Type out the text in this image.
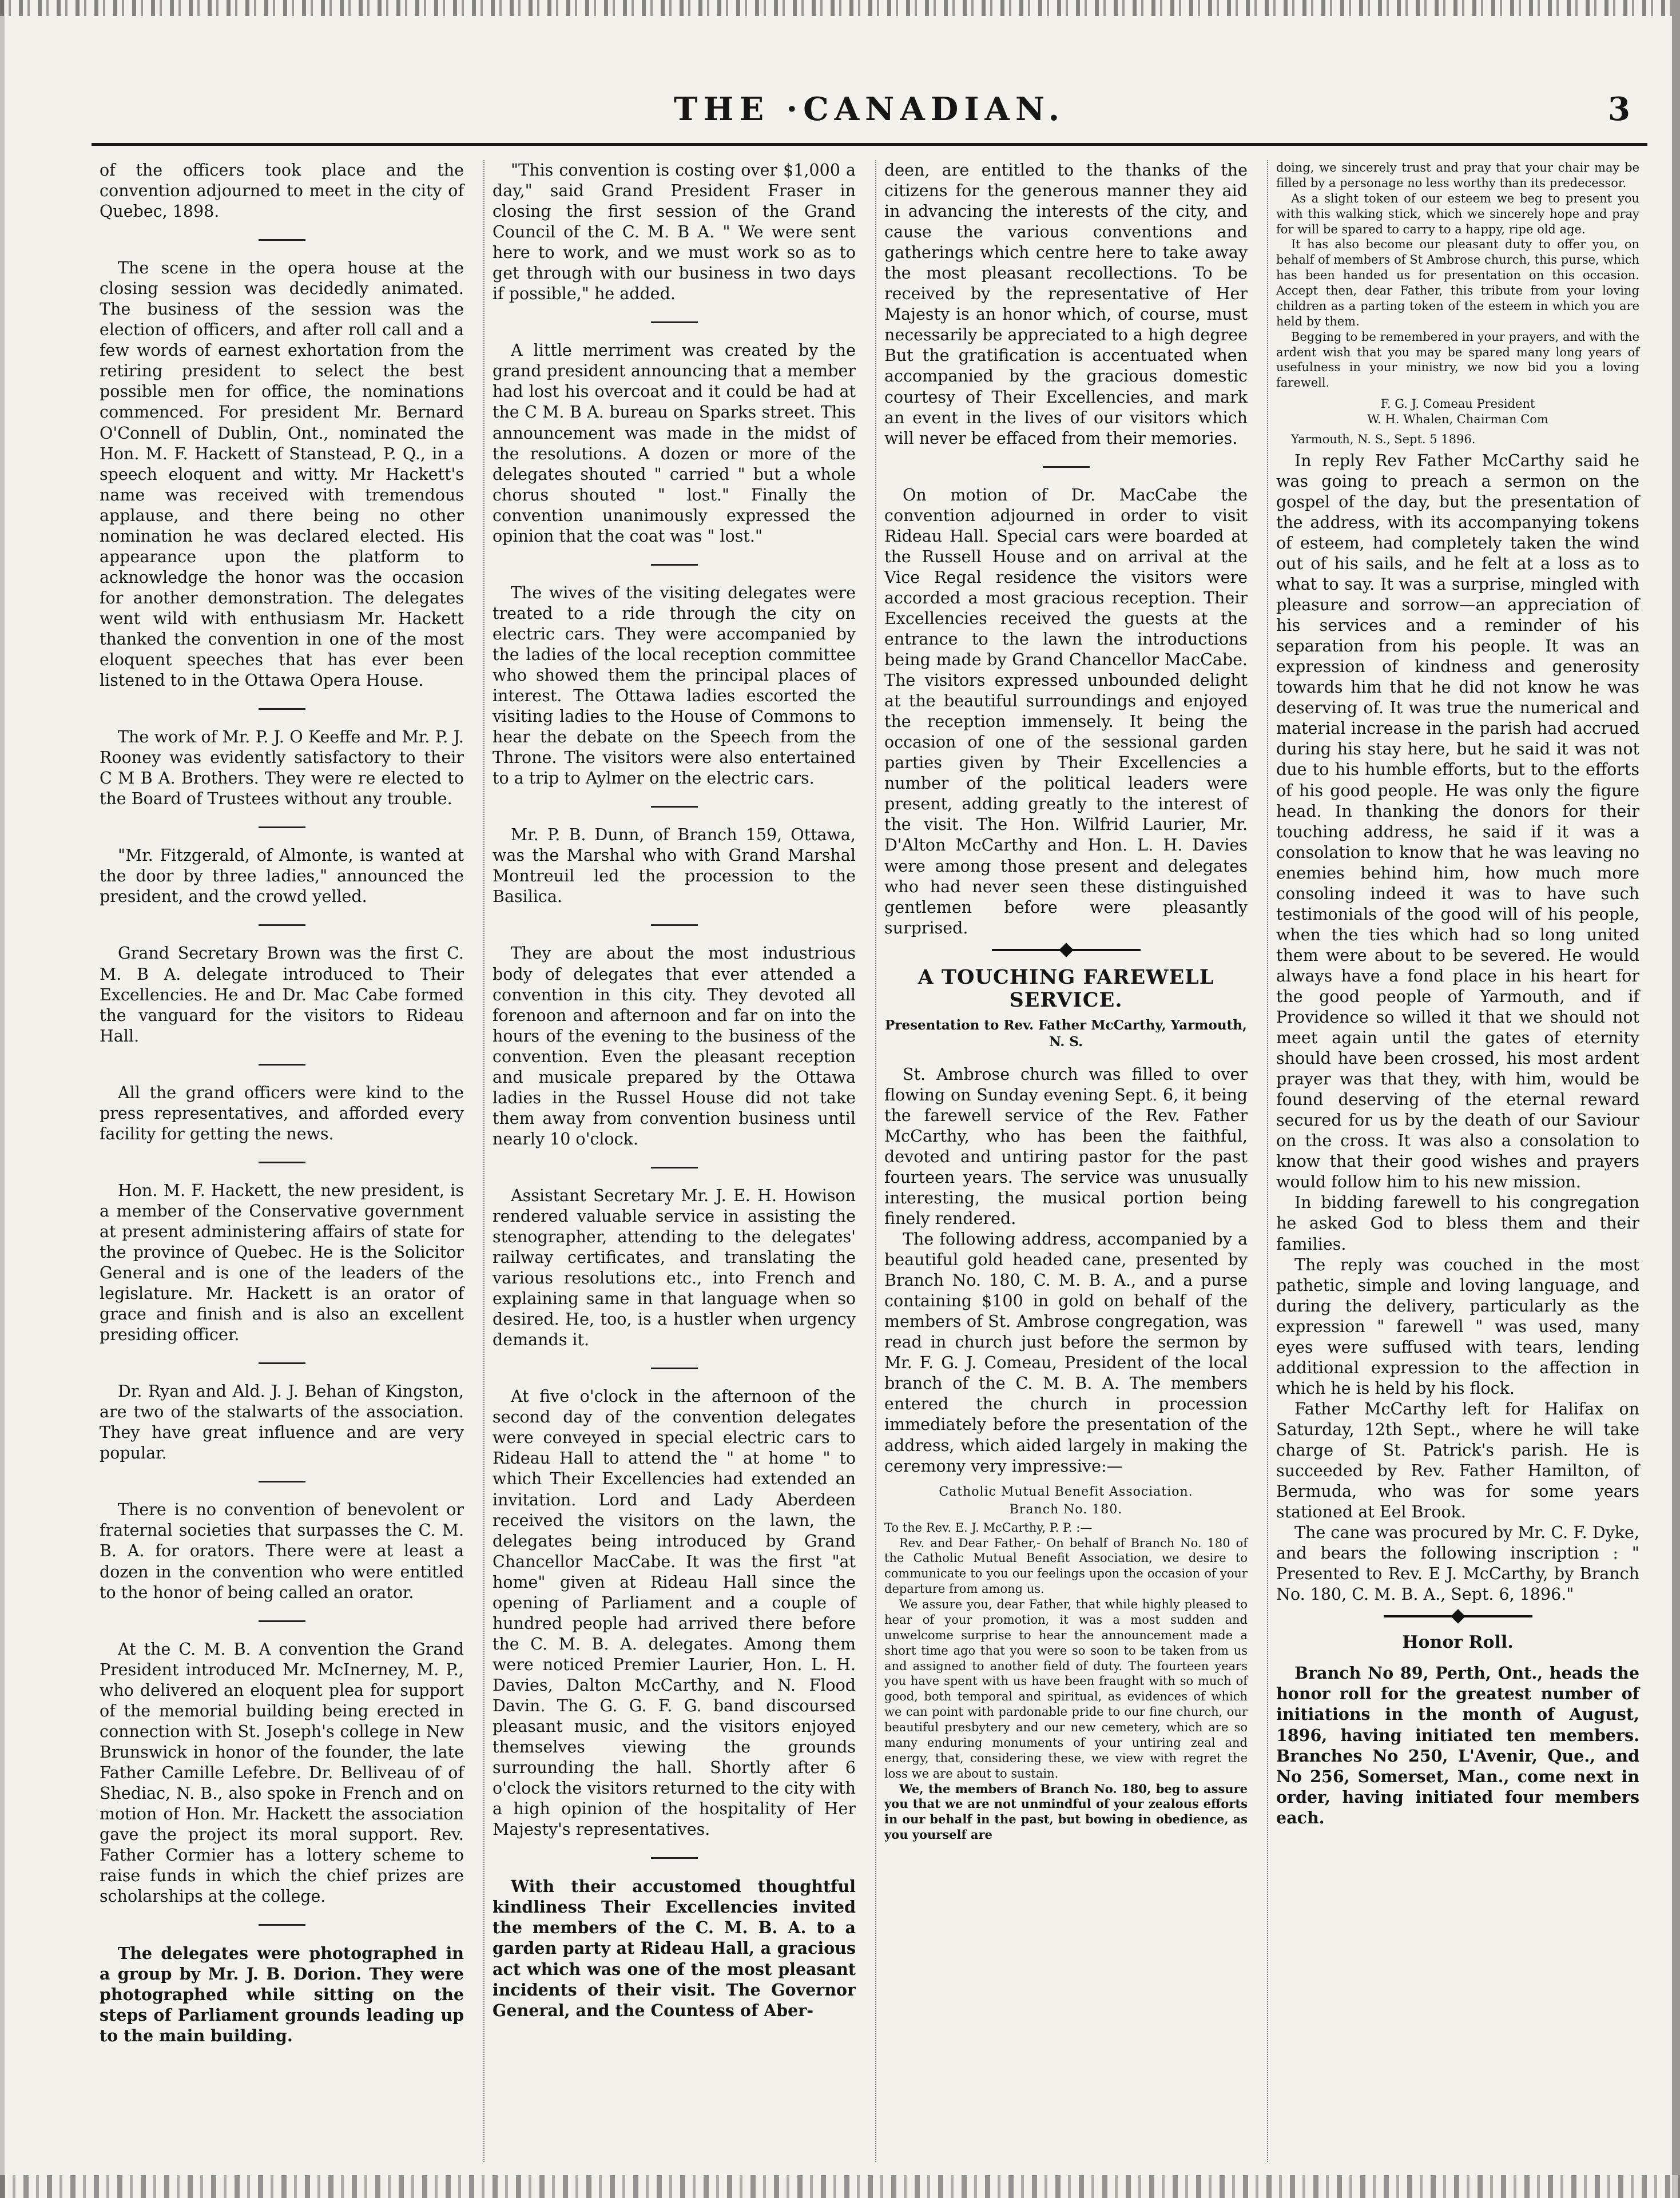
THE ·CANADIAN.	3

of the officers took place and the convention adjourned to meet in the city of Quebec, 1898.

The scene in the opera house at the closing session was decidedly animated. The business of the session was the election of officers, and after roll call and a few words of earnest exhortation from the retiring president to select the best possible men for office, the nominations commenced. For president Mr. Bernard O'Connell of Dublin, Ont., nominated the Hon. M. F. Hackett of Stanstead, P. Q., in a speech eloquent and witty. Mr Hackett's name was received with tremendous applause, and there being no other nomination he was declared elected. His appearance upon the platform to acknowledge the honor was the occasion for another demonstration. The delegates went wild with enthusiasm Mr. Hackett thanked the convention in one of the most eloquent speeches that has ever been listened to in the Ottawa Opera House.

The work of Mr. P. J. O Keeffe and Mr. P. J. Rooney was evidently satisfactory to their C M B A. Brothers. They were re elected to the Board of Trustees without any trouble.

"Mr. Fitzgerald, of Almonte, is wanted at the door by three ladies," announced the president, and the crowd yelled.

Grand Secretary Brown was the first C. M. B A. delegate introduced to Their Excellencies. He and Dr. Mac Cabe formed the vanguard for the visitors to Rideau Hall.

All the grand officers were kind to the press representatives, and afforded every facility for getting the news.

Hon. M. F. Hackett, the new president, is a member of the Conservative government at present administering affairs of state for the province of Quebec. He is the Solicitor General and is one of the leaders of the legislature. Mr. Hackett is an orator of grace and finish and is also an excellent presiding officer.

Dr. Ryan and Ald. J. J. Behan of Kingston, are two of the stalwarts of the association. They have great influence and are very popular.

There is no convention of benevolent or fraternal societies that surpasses the C. M. B. A. for orators. There were at least a dozen in the convention who were entitled to the honor of being called an orator.

At the C. M. B. A convention the Grand President introduced Mr. McInerney, M. P., who delivered an eloquent plea for support of the memorial building being erected in connection with St. Joseph's college in New Brunswick in honor of the founder, the late Father Camille Lefebre. Dr. Belliveau of of Shediac, N. B., also spoke in French and on motion of Hon. Mr. Hackett the association gave the project its moral support. Rev. Father Cormier has a lottery scheme to raise funds in which the chief prizes are scholarships at the college.

The delegates were photographed in a group by Mr. J. B. Dorion. They were photographed while sitting on the steps of Parliament grounds leading up to the main building.

"This convention is costing over $1,000 a day," said Grand President Fraser in closing the first session of the Grand Council of the C. M. B A. " We were sent here to work, and we must work so as to get through with our business in two days if possible," he added.

A little merriment was created by the grand president announcing that a member had lost his overcoat and it could be had at the C M. B A. bureau on Sparks street. This announcement was made in the midst of the resolutions. A dozen or more of the delegates shouted " carried " but a whole chorus shouted " lost." Finally the convention unanimously expressed the opinion that the coat was " lost."

The wives of the visiting delegates were treated to a ride through the city on electric cars. They were accompanied by the ladies of the local reception committee who showed them the principal places of interest. The Ottawa ladies escorted the visiting ladies to the House of Commons to hear the debate on the Speech from the Throne. The visitors were also entertained to a trip to Aylmer on the electric cars.

Mr. P. B. Dunn, of Branch 159, Ottawa, was the Marshal who with Grand Marshal Montreuil led the procession to the Basilica.

They are about the most industrious body of delegates that ever attended a convention in this city. They devoted all forenoon and afternoon and far on into the hours of the evening to the business of the convention. Even the pleasant reception and musicale prepared by the Ottawa ladies in the Russel House did not take them away from convention business until nearly 10 o'clock.

Assistant Secretary Mr. J. E. H. Howison rendered valuable service in assisting the stenographer, attending to the delegates' railway certificates, and translating the various resolutions etc., into French and explaining same in that language when so desired. He, too, is a hustler when urgency demands it.

At five o'clock in the afternoon of the second day of the convention delegates were conveyed in special electric cars to Rideau Hall to attend the " at home " to which Their Excellencies had extended an invitation. Lord and Lady Aberdeen received the visitors on the lawn, the delegates being introduced by Grand Chancellor MacCabe. It was the first "at home" given at Rideau Hall since the opening of Parliament and a couple of hundred people had arrived there before the C. M. B. A. delegates. Among them were noticed Premier Laurier, Hon. L. H. Davies, Dalton McCarthy, and N. Flood Davin. The G. G. F. G. band discoursed pleasant music, and the visitors enjoyed themselves viewing the grounds surrounding the hall. Shortly after 6 o'clock the visitors returned to the city with a high opinion of the hospitality of Her Majesty's representatives.

With their accustomed thoughtful kindliness Their Excellencies invited the members of the C. M. B. A. to a garden party at Rideau Hall, a gracious act which was one of the most pleasant incidents of their visit. The Governor General, and the Countess of Aber-

deen, are entitled to the thanks of the citizens for the generous manner they aid in advancing the interests of the city, and cause the various conventions and gatherings which centre here to take away the most pleasant recollections. To be received by the representative of Her Majesty is an honor which, of course, must necessarily be appreciated to a high degree But the gratification is accentuated when accompanied by the gracious domestic courtesy of Their Excellencies, and mark an event in the lives of our visitors which will never be effaced from their memories.

On motion of Dr. MacCabe the convention adjourned in order to visit Rideau Hall. Special cars were boarded at the Russell House and on arrival at the Vice Regal residence the visitors were accorded a most gracious reception. Their Excellencies received the guests at the entrance to the lawn the introductions being made by Grand Chancellor MacCabe. The visitors expressed unbounded delight at the beautiful surroundings and enjoyed the reception immensely. It being the occasion of one of the sessional garden parties given by Their Excellencies a number of the political leaders were present, adding greatly to the interest of the visit. The Hon. Wilfrid Laurier, Mr. D'Alton McCarthy and Hon. L. H. Davies were among those present and delegates who had never seen these distinguished gentlemen before were pleasantly surprised.

A TOUCHING FAREWELL SERVICE.
Presentation to Rev. Father McCarthy, Yarmouth, N. S.

St. Ambrose church was filled to over flowing on Sunday evening Sept. 6, it being the farewell service of the Rev. Father McCarthy, who has been the faithful, devoted and untiring pastor for the past fourteen years. The service was unusually interesting, the musical portion being finely rendered.

The following address, accompanied by a beautiful gold headed cane, presented by Branch No. 180, C. M. B. A., and a purse containing $100 in gold on behalf of the members of St. Ambrose congregation, was read in church just before the sermon by Mr. F. G. J. Comeau, President of the local branch of the C. M. B. A. The members entered the church in procession immediately before the presentation of the address, which aided largely in making the ceremony very impressive:—

Catholic Mutual Benefit Association.
Branch No. 180.

To the Rev. E. J. McCarthy, P. P. :—

Rev. and Dear Father,- On behalf of Branch No. 180 of the Catholic Mutual Benefit Association, we desire to communicate to you our feelings upon the occasion of your departure from among us.

We assure you, dear Father, that while highly pleased to hear of your promotion, it was a most sudden and unwelcome surprise to hear the announcement made a short time ago that you were so soon to be taken from us and assigned to another field of duty. The fourteen years you have spent with us have been fraught with so much of good, both temporal and spiritual, as evidences of which we can point with pardonable pride to our fine church, our beautiful presbytery and our new cemetery, which are so many enduring monuments of your untiring zeal and energy, that, considering these, we view with regret the loss we are about to sustain.

We, the members of Branch No. 180, beg to assure you that we are not unmindful of your zealous efforts in our behalf in the past, but bowing in obedience, as you yourself are

doing, we sincerely trust and pray that your chair may be filled by a personage no less worthy than its predecessor.

As a slight token of our esteem we beg to present you with this walking stick, which we sincerely hope and pray for will be spared to carry to a happy, ripe old age.

It has also become our pleasant duty to offer you, on behalf of members of St Ambrose church, this purse, which has been handed us for presentation on this occasion. Accept then, dear Father, this tribute from your loving children as a parting token of the esteem in which you are held by them.

Begging to be remembered in your prayers, and with the ardent wish that you may be spared many long years of usefulness in your ministry, we now bid you a loving farewell.

F. G. J. Comeau President

W. H. Whalen, Chairman Com

Yarmouth, N. S., Sept. 5 1896.

In reply Rev Father McCarthy said he was going to preach a sermon on the gospel of the day, but the presentation of the address, with its accompanying tokens of esteem, had completely taken the wind out of his sails, and he felt at a loss as to what to say. It was a surprise, mingled with pleasure and sorrow—an appreciation of his services and a reminder of his separation from his people. It was an expression of kindness and generosity towards him that he did not know he was deserving of. It was true the numerical and material increase in the parish had accrued during his stay here, but he said it was not due to his humble efforts, but to the efforts of his good people. He was only the figure head. In thanking the donors for their touching address, he said if it was a consolation to know that he was leaving no enemies behind him, how much more consoling indeed it was to have such testimonials of the good will of his people, when the ties which had so long united them were about to be severed. He would always have a fond place in his heart for the good people of Yarmouth, and if Providence so willed it that we should not meet again until the gates of eternity should have been crossed, his most ardent prayer was that they, with him, would be found deserving of the eternal reward secured for us by the death of our Saviour on the cross. It was also a consolation to know that their good wishes and prayers would follow him to his new mission.

In bidding farewell to his congregation he asked God to bless them and their families.

The reply was couched in the most pathetic, simple and loving language, and during the delivery, particularly as the expression " farewell " was used, many eyes were suffused with tears, lending additional expression to the affection in which he is held by his flock.

Father McCarthy left for Halifax on Saturday, 12th Sept., where he will take charge of St. Patrick's parish. He is succeeded by Rev. Father Hamilton, of Bermuda, who was for some years stationed at Eel Brook.

The cane was procured by Mr. C. F. Dyke, and bears the following inscription : " Presented to Rev. E J. McCarthy, by Branch No. 180, C. M. B. A., Sept. 6, 1896."

Honor Roll.

Branch No 89, Perth, Ont., heads the honor roll for the greatest number of initiations in the month of August, 1896, having initiated ten members. Branches No 250, L'Avenir, Que., and No 256, Somerset, Man., come next in order, having initiated four members each.
